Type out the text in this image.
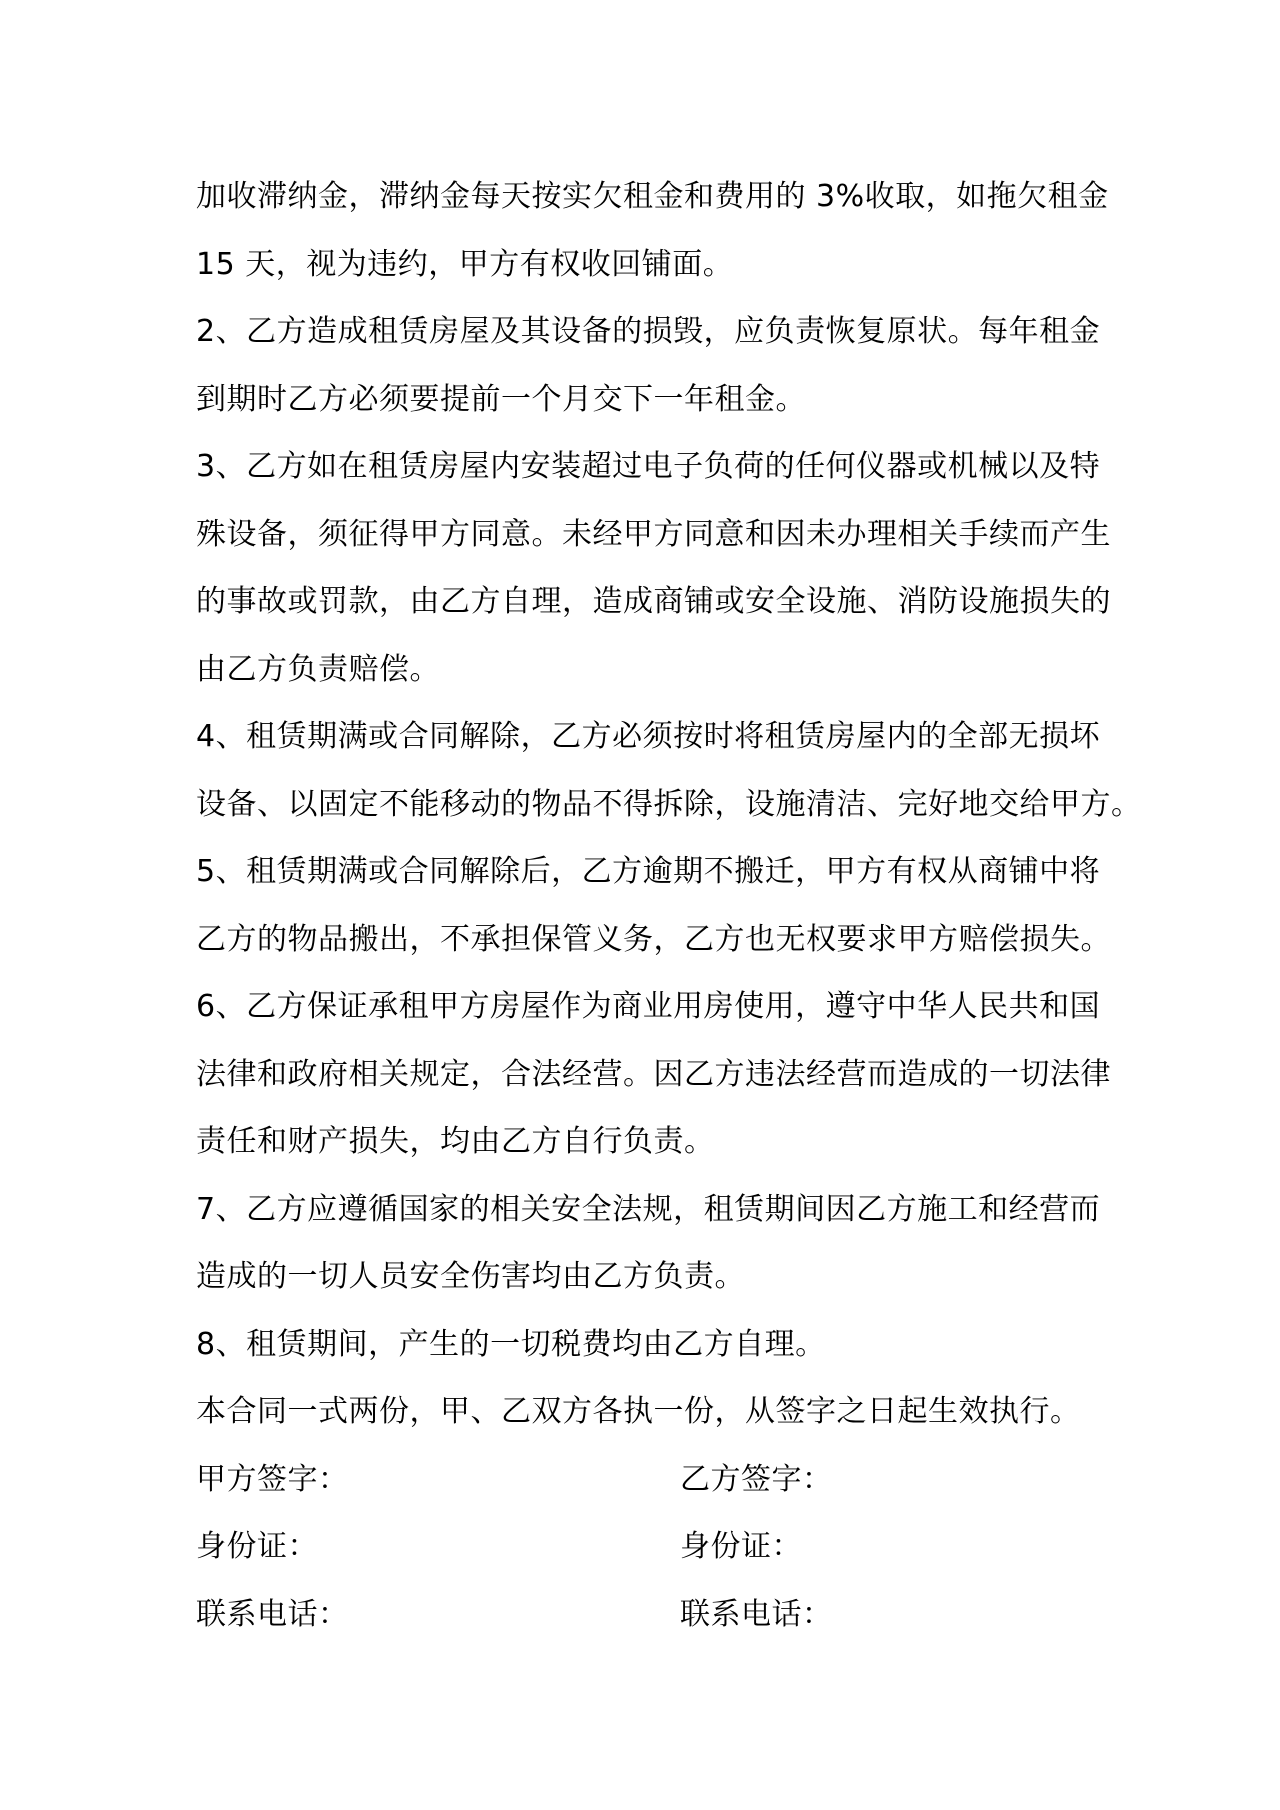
加收滞纳金，滞纳金每天按实欠租金和费用的 3%收取，如拖欠租金
15 天，视为违约，甲方有权收回铺面。
2、乙方造成租赁房屋及其设备的损毁，应负责恢复原状。每年租金
到期时乙方必须要提前一个月交下一年租金。
3、乙方如在租赁房屋内安装超过电子负荷的任何仪器或机械以及特
殊设备，须征得甲方同意。未经甲方同意和因未办理相关手续而产生
的事故或罚款，由乙方自理，造成商铺或安全设施、消防设施损失的
由乙方负责赔偿。
4、租赁期满或合同解除，乙方必须按时将租赁房屋内的全部无损坏
设备、以固定不能移动的物品不得拆除，设施清洁、完好地交给甲方。
5、租赁期满或合同解除后，乙方逾期不搬迁，甲方有权从商铺中将
乙方的物品搬出，不承担保管义务，乙方也无权要求甲方赔偿损失。
6、乙方保证承租甲方房屋作为商业用房使用，遵守中华人民共和国
法律和政府相关规定，合法经营。因乙方违法经营而造成的一切法律
责任和财产损失，均由乙方自行负责。
7、乙方应遵循国家的相关安全法规，租赁期间因乙方施工和经营而
造成的一切人员安全伤害均由乙方负责。
8、租赁期间，产生的一切税费均由乙方自理。
本合同一式两份，甲、乙双方各执一份，从签字之日起生效执行。
甲方签字：	乙方签字：
身份证：	身份证：
联系电话：	联系电话：
